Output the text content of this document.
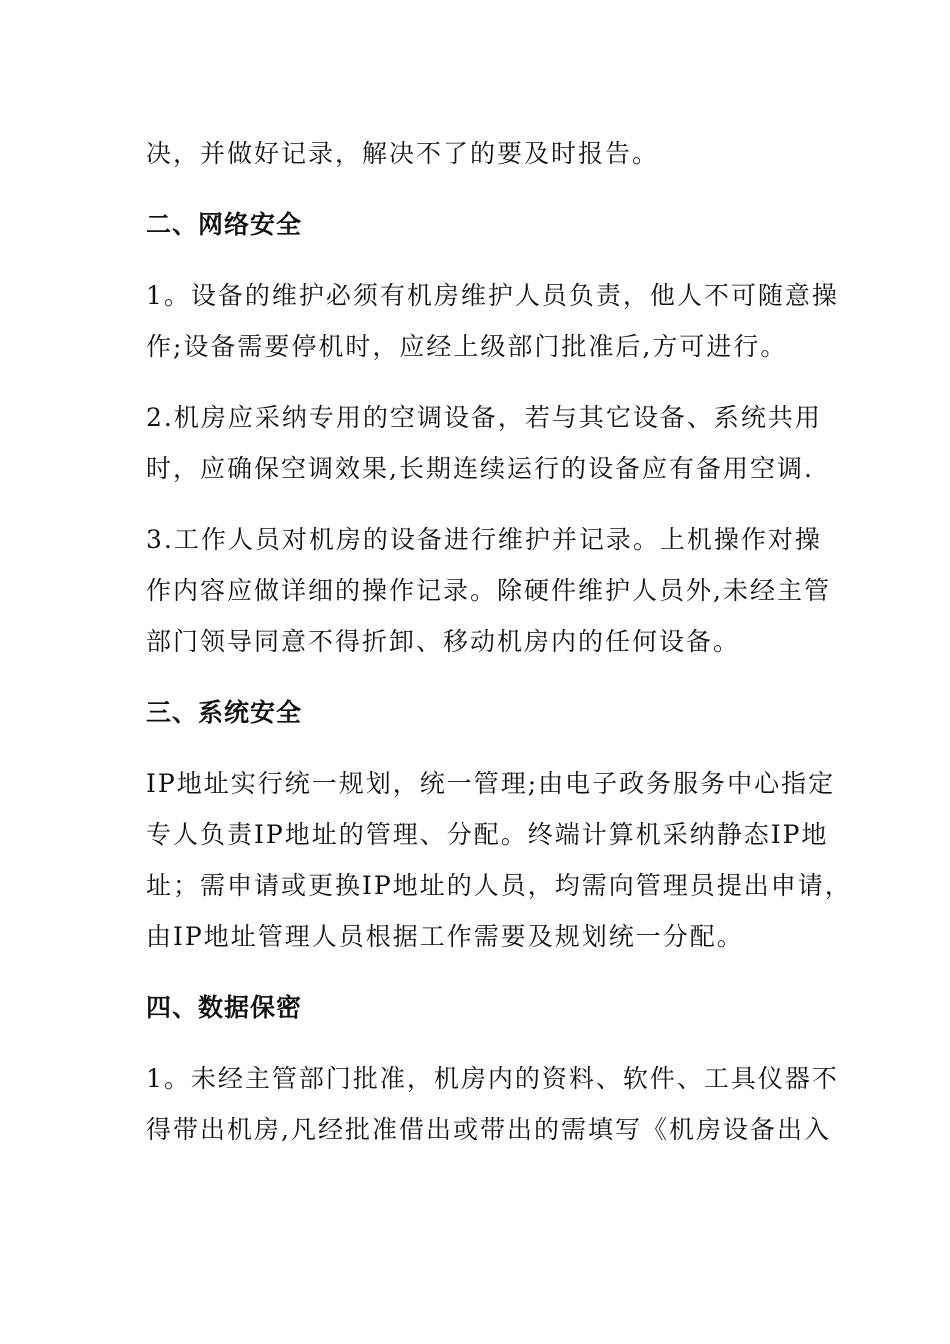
决，并做好记录，解决不了的要及时报告。

二、网络安全

1。设备的维护必须有机房维护人员负责，他人不可随意操
作;设备需要停机时，应经上级部门批准后,方可进行。

2.机房应采纳专用的空调设备，若与其它设备、系统共用
时，应确保空调效果,长期连续运行的设备应有备用空调.

3.工作人员对机房的设备进行维护并记录。上机操作对操
作内容应做详细的操作记录。除硬件维护人员外,未经主管
部门领导同意不得折卸、移动机房内的任何设备。

三、系统安全

IP地址实行统一规划，统一管理;由电子政务服务中心指定
专人负责IP地址的管理、分配。终端计算机采纳静态IP地
址；需申请或更换IP地址的人员，均需向管理员提出申请，
由IP地址管理人员根据工作需要及规划统一分配。

四、数据保密

1。未经主管部门批准，机房内的资料、软件、工具仪器不
得带出机房,凡经批准借出或带出的需填写《机房设备出入
